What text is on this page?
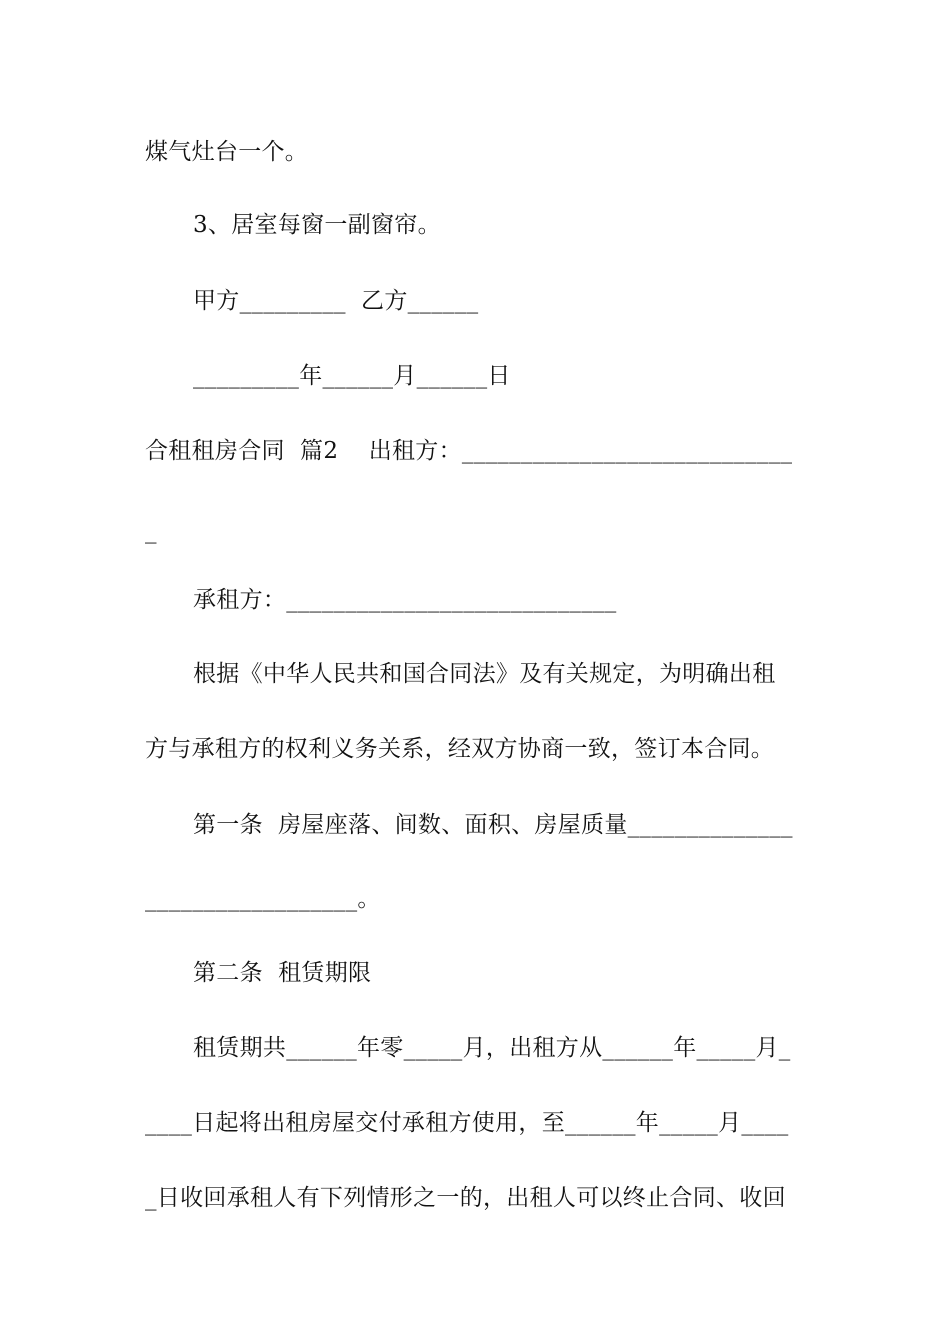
煤气灶台一个。
3、居室每窗一副窗帘。
甲方_________  乙方______
_________年______月______日
合租租房合同  篇2    出租方：____________________________
_
承租方：____________________________
根据《中华人民共和国合同法》及有关规定，为明确出租
方与承租方的权利义务关系，经双方协商一致，签订本合同。
第一条  房屋座落、间数、面积、房屋质量______________
__________________。
第二条  租赁期限
租赁期共______年零_____月，出租方从______年_____月_
____日起将出租房屋交付承租方使用，至______年_____月____
_日收回承租人有下列情形之一的，出租人可以终止合同、收回
